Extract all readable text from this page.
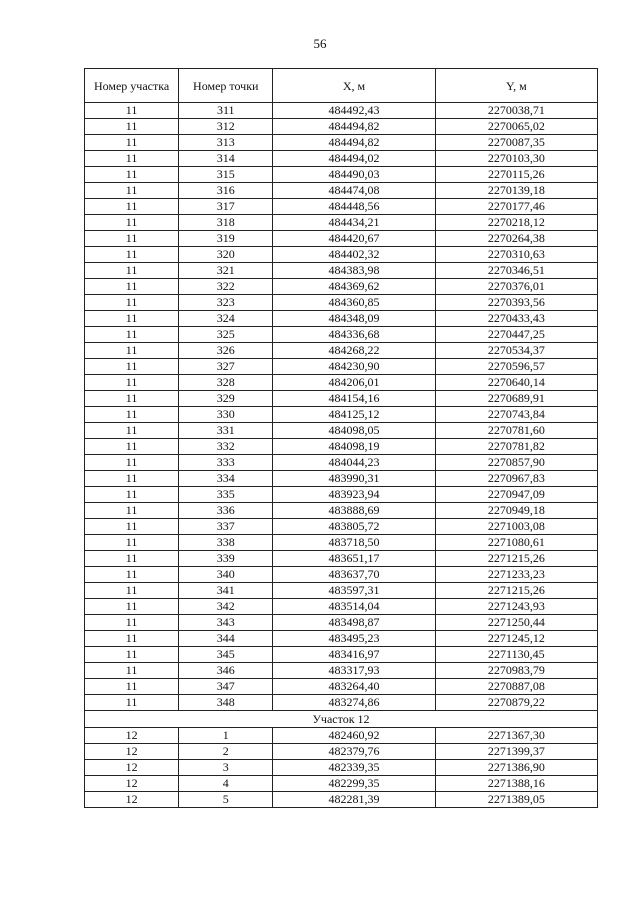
56
Номер участка	Номер точки	X, м	Y, м
11	311	484492,43	2270038,71
11	312	484494,82	2270065,02
11	313	484494,82	2270087,35
11	314	484494,02	2270103,30
11	315	484490,03	2270115,26
11	316	484474,08	2270139,18
11	317	484448,56	2270177,46
11	318	484434,21	2270218,12
11	319	484420,67	2270264,38
11	320	484402,32	2270310,63
11	321	484383,98	2270346,51
11	322	484369,62	2270376,01
11	323	484360,85	2270393,56
11	324	484348,09	2270433,43
11	325	484336,68	2270447,25
11	326	484268,22	2270534,37
11	327	484230,90	2270596,57
11	328	484206,01	2270640,14
11	329	484154,16	2270689,91
11	330	484125,12	2270743,84
11	331	484098,05	2270781,60
11	332	484098,19	2270781,82
11	333	484044,23	2270857,90
11	334	483990,31	2270967,83
11	335	483923,94	2270947,09
11	336	483888,69	2270949,18
11	337	483805,72	2271003,08
11	338	483718,50	2271080,61
11	339	483651,17	2271215,26
11	340	483637,70	2271233,23
11	341	483597,31	2271215,26
11	342	483514,04	2271243,93
11	343	483498,87	2271250,44
11	344	483495,23	2271245,12
11	345	483416,97	2271130,45
11	346	483317,93	2270983,79
11	347	483264,40	2270887,08
11	348	483274,86	2270879,22
Участок 12			
12	1	482460,92	2271367,30
12	2	482379,76	2271399,37
12	3	482339,35	2271386,90
12	4	482299,35	2271388,16
12	5	482281,39	2271389,05
